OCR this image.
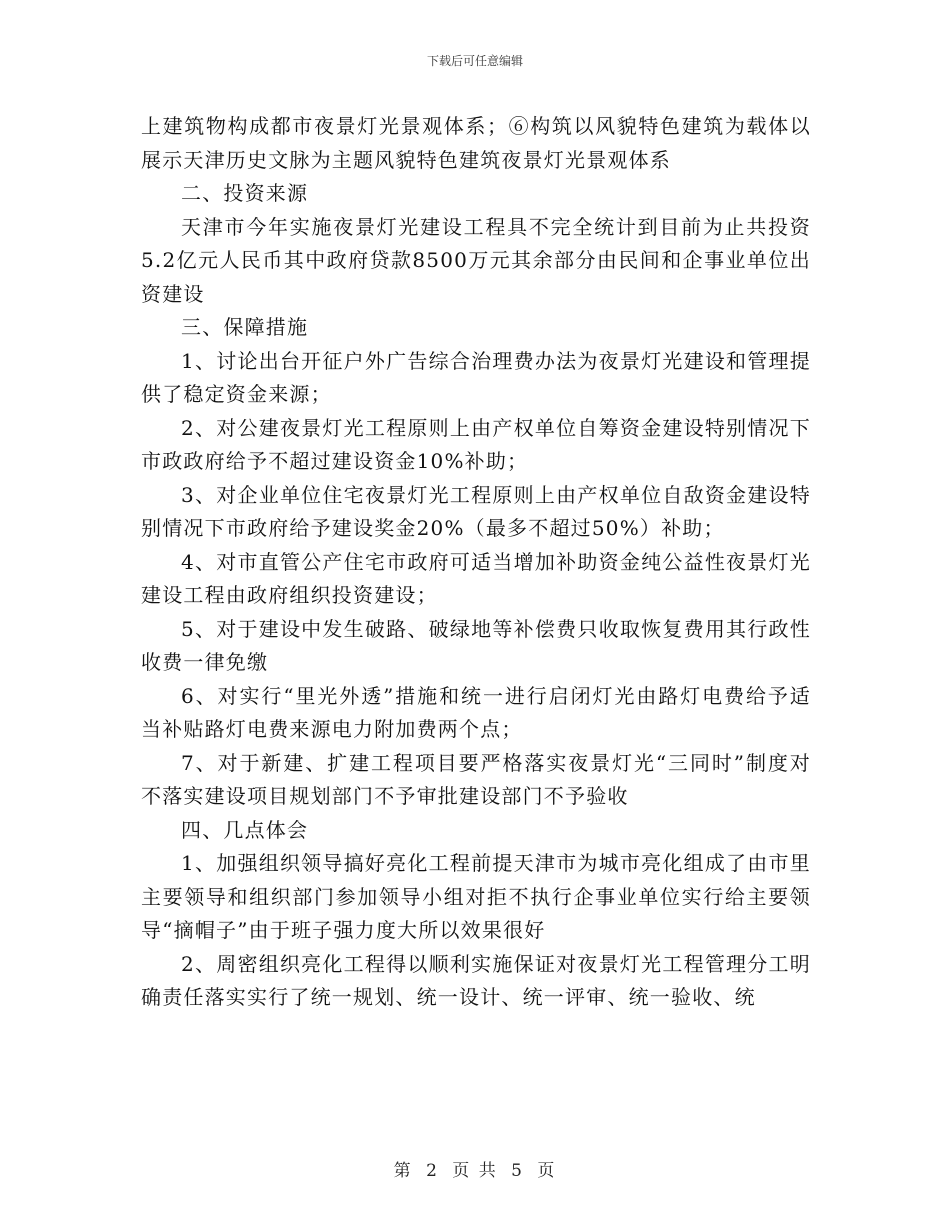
下载后可任意编辑

上建筑物构成都市夜景灯光景观体系；⑥构筑以风貌特色建筑为载体以展示天津历史文脉为主题风貌特色建筑夜景灯光景观体系

二、投资来源

天津市今年实施夜景灯光建设工程具不完全统计到目前为止共投资5.2亿元人民币其中政府贷款8500万元其余部分由民间和企事业单位出资建设

三、保障措施

1、讨论出台开征户外广告综合治理费办法为夜景灯光建设和管理提供了稳定资金来源；

2、对公建夜景灯光工程原则上由产权单位自筹资金建设特别情况下市政政府给予不超过建设资金10%补助；

3、对企业单位住宅夜景灯光工程原则上由产权单位自敌资金建设特别情况下市政府给予建设奖金20%（最多不超过50%）补助；

4、对市直管公产住宅市政府可适当增加补助资金纯公益性夜景灯光建设工程由政府组织投资建设；

5、对于建设中发生破路、破绿地等补偿费只收取恢复费用其行政性收费一律免缴

6、对实行“里光外透”措施和统一进行启闭灯光由路灯电费给予适当补贴路灯电费来源电力附加费两个点；

7、对于新建、扩建工程项目要严格落实夜景灯光“三同时”制度对不落实建设项目规划部门不予审批建设部门不予验收

四、几点体会

1、加强组织领导搞好亮化工程前提天津市为城市亮化组成了由市里主要领导和组织部门参加领导小组对拒不执行企事业单位实行给主要领导“摘帽子”由于班子强力度大所以效果很好

2、周密组织亮化工程得以顺利实施保证对夜景灯光工程管理分工明确责任落实实行了统一规划、统一设计、统一评审、统一验收、统

第 2 页 共 5 页
